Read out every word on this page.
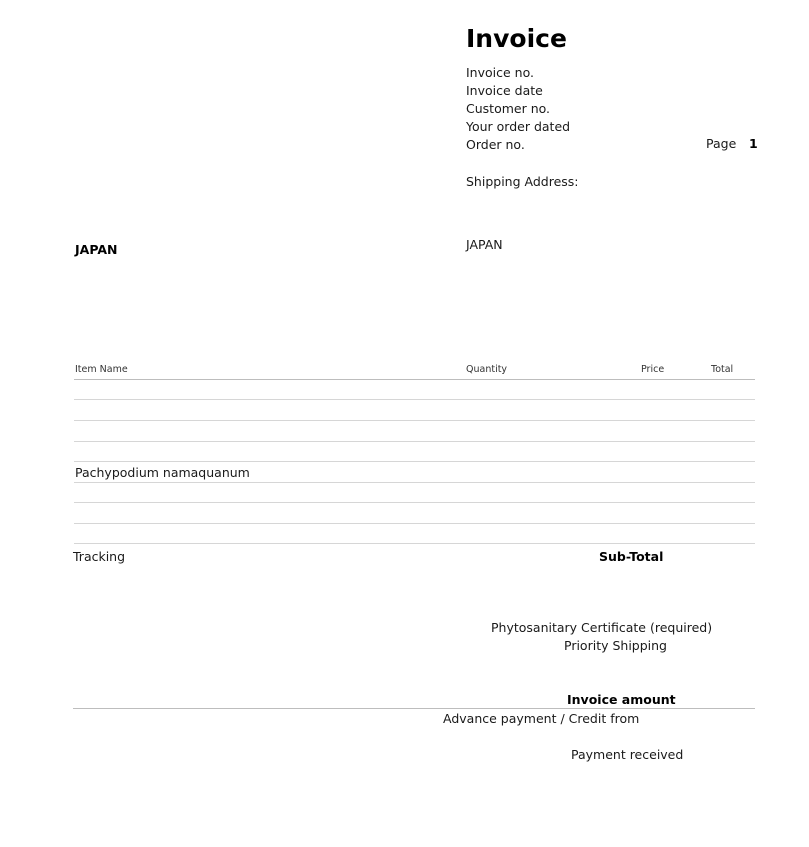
Invoice
Invoice no.
Invoice date
Customer no.
Your order dated
Order no.	Page 1
Shipping Address:
JAPAN	JAPAN
Item Name	Quantity	Price	Total
Pachypodium namaquanum
Tracking	Sub-Total
Phytosanitary Certificate (required)
Priority Shipping
Invoice amount
Advance payment / Credit from
Payment received
